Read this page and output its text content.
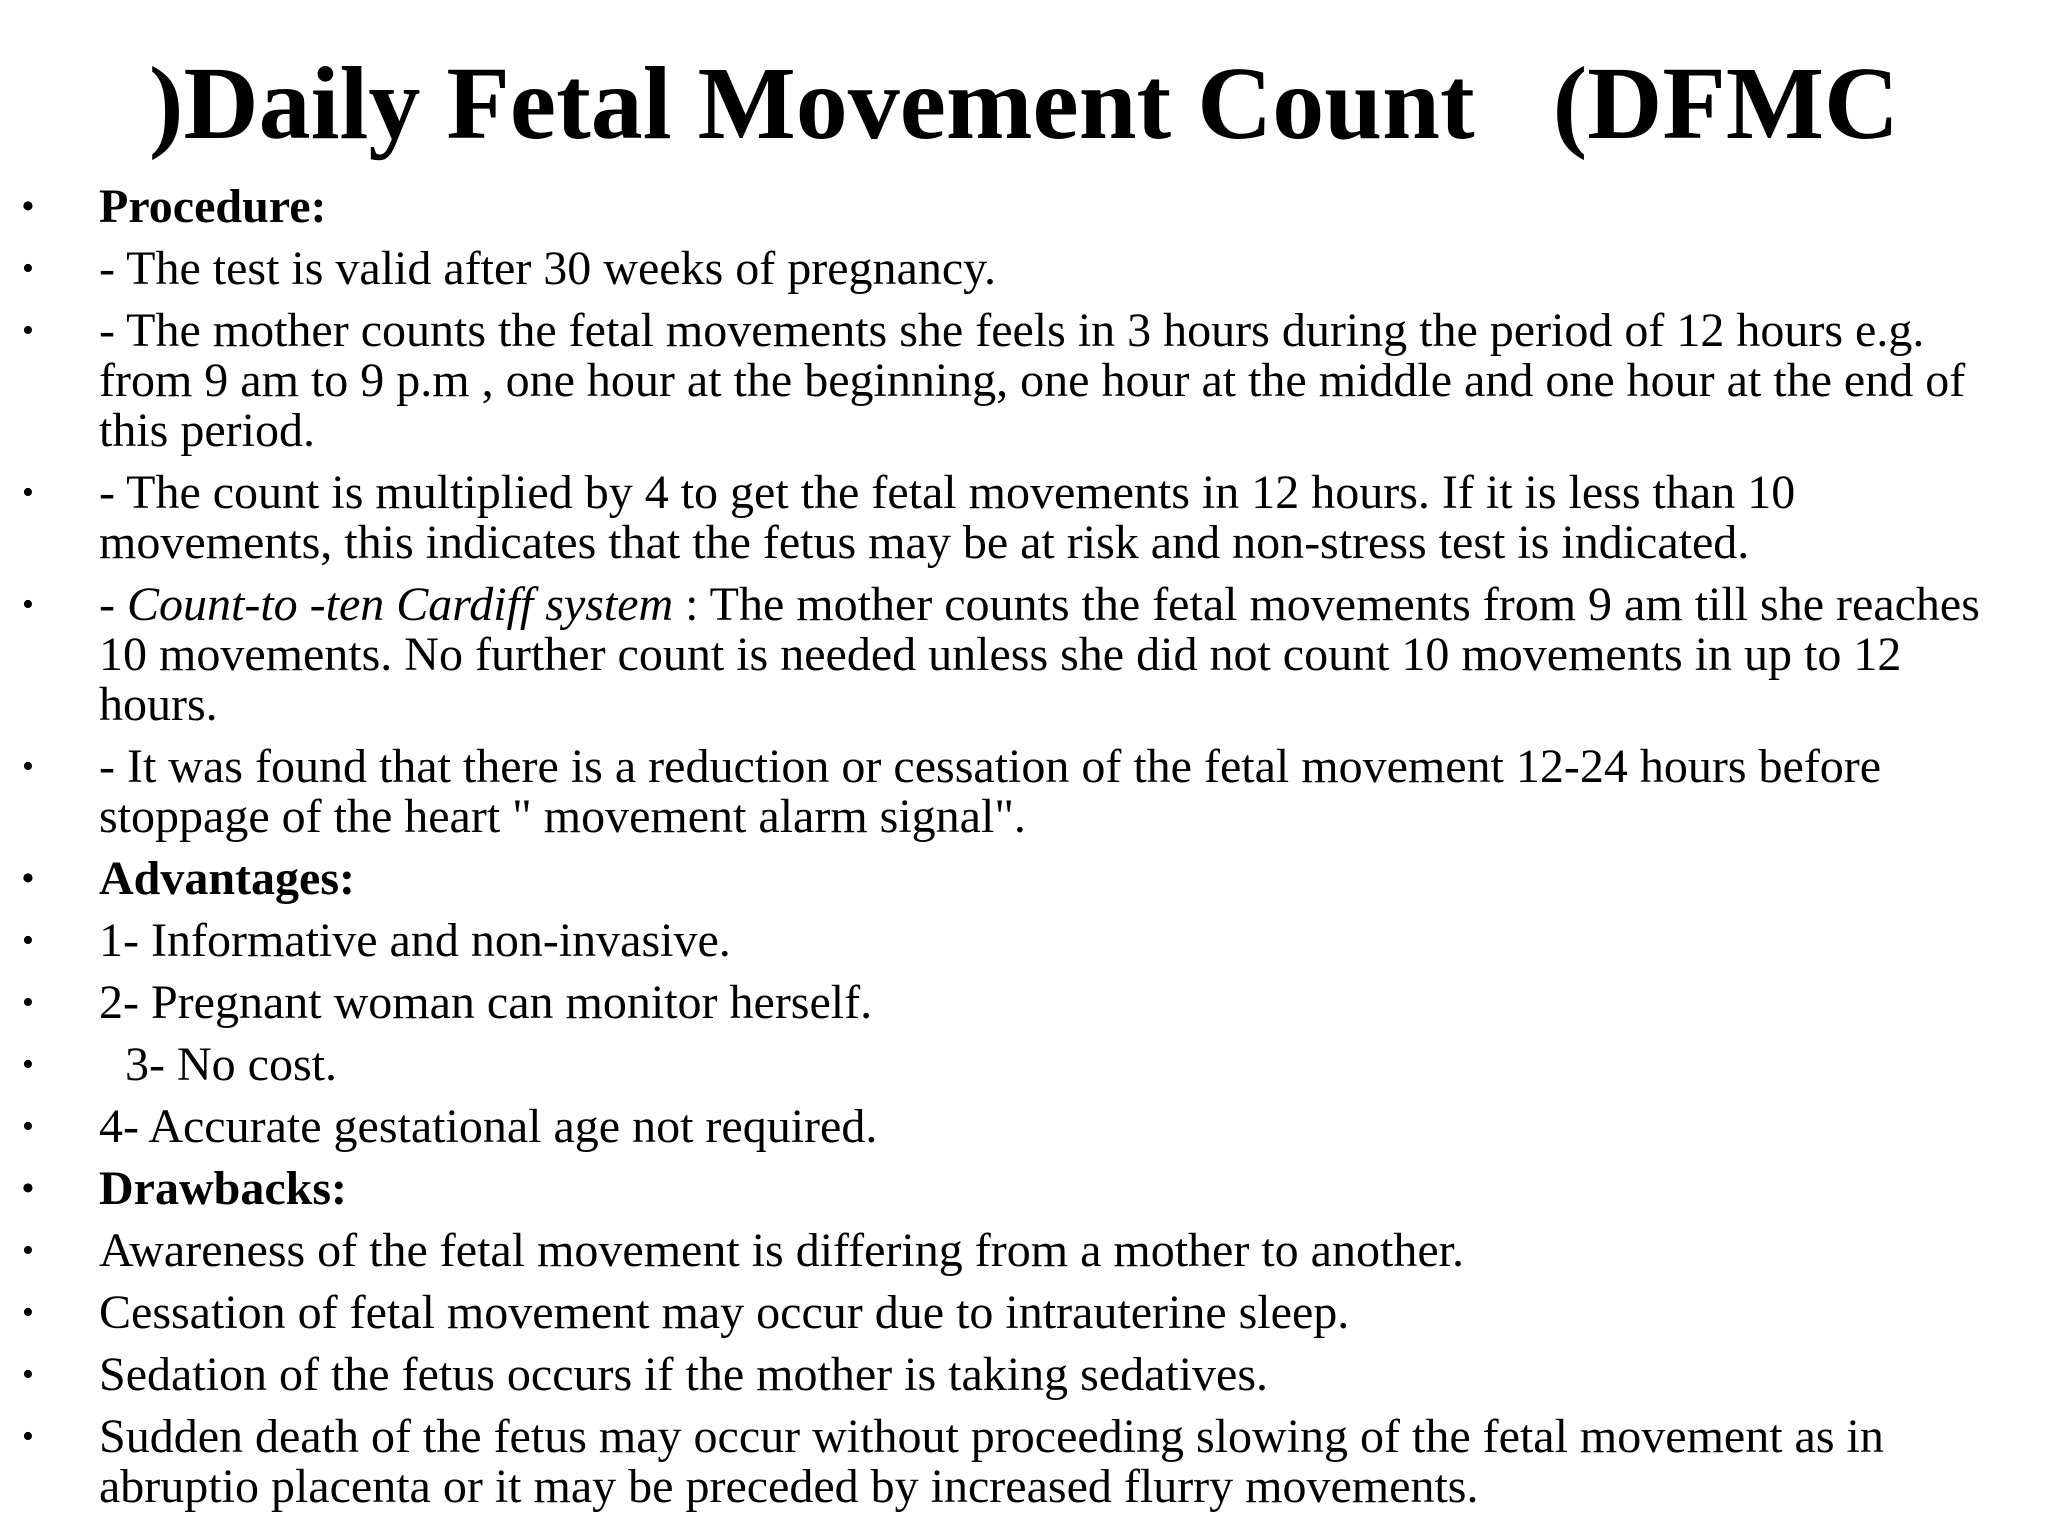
)Daily Fetal Movement Count   (DFMC
•	Procedure:
•	- The test is valid after 30 weeks of pregnancy.
•	- The mother counts the fetal movements she feels in 3 hours during the period of 12 hours e.g. from 9 am to 9 p.m , one hour at the beginning, one hour at the middle and one hour at the end of this period.
•	- The count is multiplied by 4 to get the fetal movements in 12 hours. If it is less than 10 movements, this indicates that the fetus may be at risk and non-stress test is indicated.
•	- Count-to -ten Cardiff system : The mother counts the fetal movements from 9 am till she reaches 10 movements. No further count is needed unless she did not count 10 movements in up to 12 hours.
•	- It was found that there is a reduction or cessation of the fetal movement 12-24 hours before stoppage of the heart " movement alarm signal".
•	Advantages:
•	1- Informative and non-invasive.
•	2- Pregnant woman can monitor herself.
•	3- No cost.
•	4- Accurate gestational age not required.
•	Drawbacks:
•	Awareness of the fetal movement is differing from a mother to another.
•	Cessation of fetal movement may occur due to intrauterine sleep.
•	Sedation of the fetus occurs if the mother is taking sedatives.
•	Sudden death of the fetus may occur without proceeding slowing of the fetal movement as in abruptio placenta or it may be preceded by increased flurry movements.
